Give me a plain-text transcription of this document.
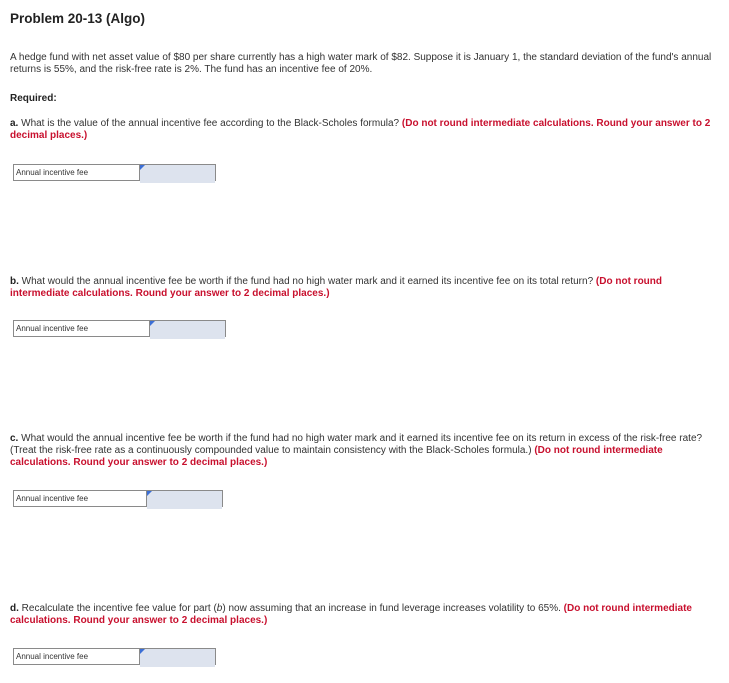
Problem 20-13 (Algo)

A hedge fund with net asset value of $80 per share currently has a high water mark of $82. Suppose it is January 1, the standard deviation of the fund's annual returns is 55%, and the risk-free rate is 2%. The fund has an incentive fee of 20%.

Required:

a. What is the value of the annual incentive fee according to the Black-Scholes formula? (Do not round intermediate calculations. Round your answer to 2 decimal places.)

Annual incentive fee

b. What would the annual incentive fee be worth if the fund had no high water mark and it earned its incentive fee on its total return? (Do not round intermediate calculations. Round your answer to 2 decimal places.)

Annual incentive fee

c. What would the annual incentive fee be worth if the fund had no high water mark and it earned its incentive fee on its return in excess of the risk-free rate? (Treat the risk-free rate as a continuously compounded value to maintain consistency with the Black-Scholes formula.) (Do not round intermediate calculations. Round your answer to 2 decimal places.)

Annual incentive fee

d. Recalculate the incentive fee value for part (b) now assuming that an increase in fund leverage increases volatility to 65%. (Do not round intermediate calculations. Round your answer to 2 decimal places.)

Annual incentive fee
